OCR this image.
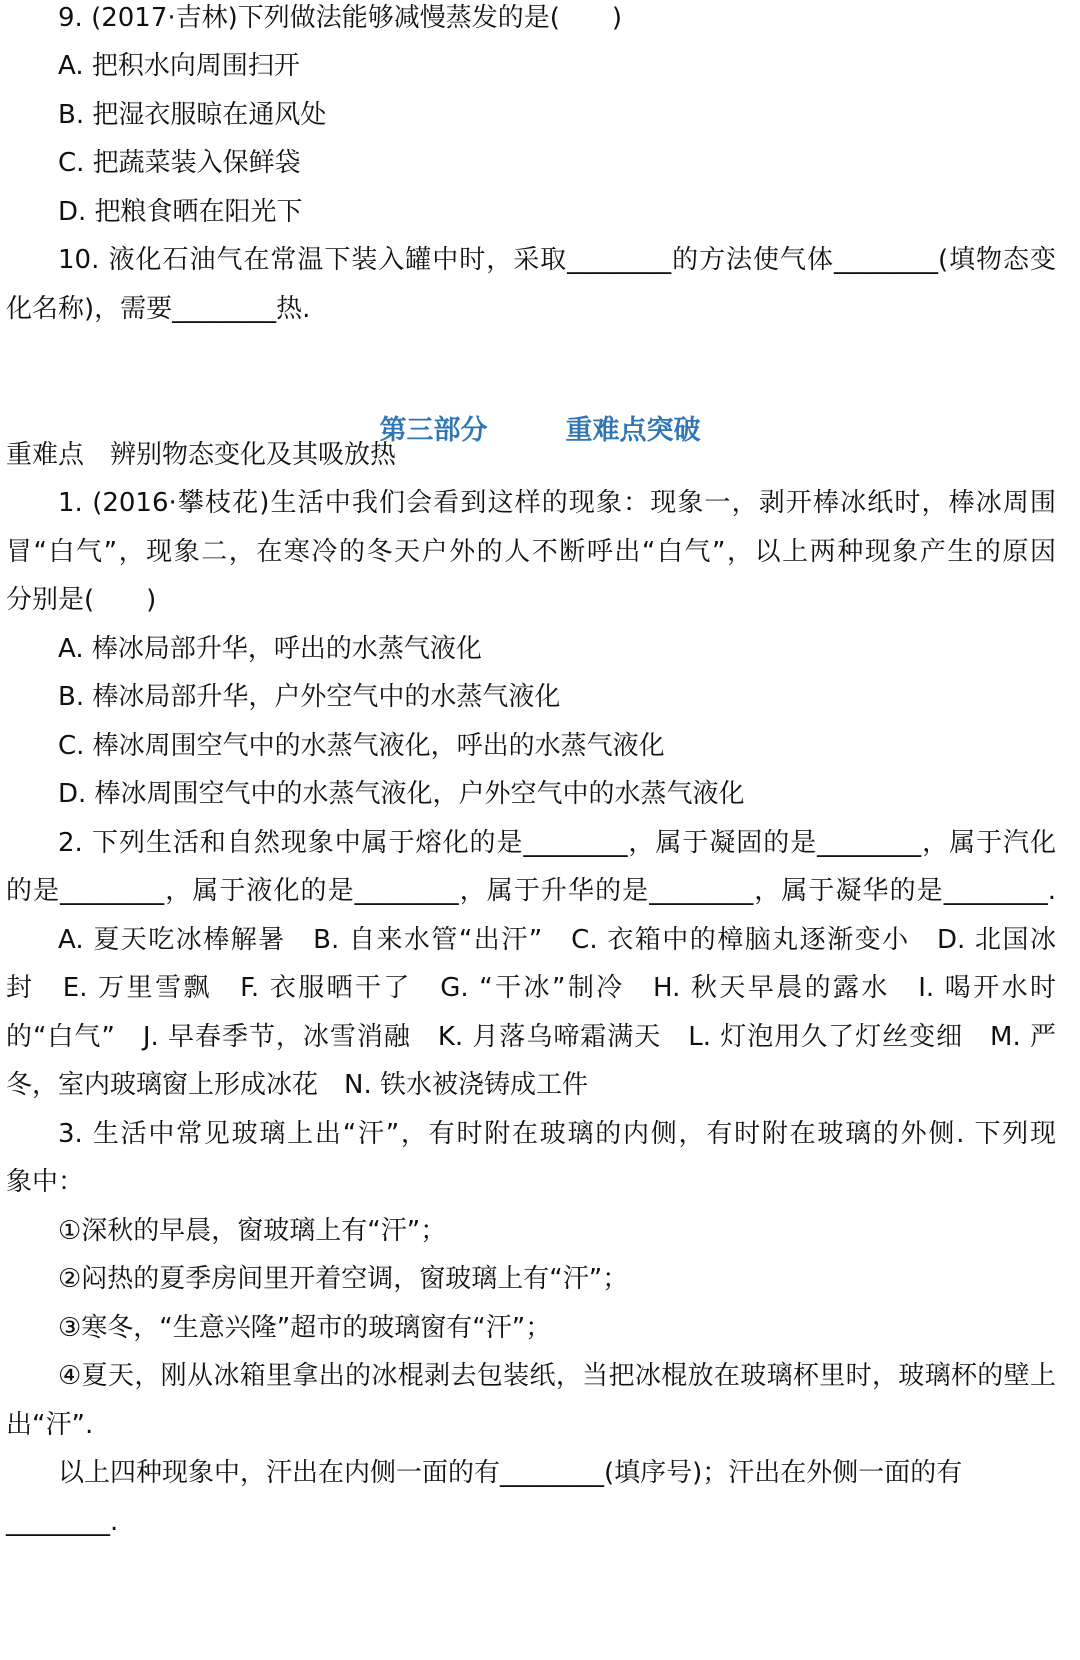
9. (2017·吉林)下列做法能够减慢蒸发的是(　　)
A. 把积水向周围扫开
B. 把湿衣服晾在通风处
C. 把蔬菜装入保鲜袋
D. 把粮食晒在阳光下
10. 液化石油气在常温下装入罐中时，采取________的方法使气体________(填物态变
化名称)，需要________热.
第三部分	重难点突破
重难点　辨别物态变化及其吸放热
1. (2016·攀枝花)生活中我们会看到这样的现象：现象一，剥开棒冰纸时，棒冰周围
冒“白气”，现象二，在寒冷的冬天户外的人不断呼出“白气”，以上两种现象产生的原因
分别是(　　)
A. 棒冰局部升华，呼出的水蒸气液化
B. 棒冰局部升华，户外空气中的水蒸气液化
C. 棒冰周围空气中的水蒸气液化，呼出的水蒸气液化
D. 棒冰周围空气中的水蒸气液化，户外空气中的水蒸气液化
2. 下列生活和自然现象中属于熔化的是________，属于凝固的是________，属于汽化
的是________，属于液化的是________，属于升华的是________，属于凝华的是________.
A. 夏天吃冰棒解暑　B. 自来水管“出汗”　C. 衣箱中的樟脑丸逐渐变小　D. 北国冰
封　E. 万里雪飘　F. 衣服晒干了　G. “干冰”制冷　H. 秋天早晨的露水　I. 喝开水时
的“白气”　J. 早春季节，冰雪消融　K. 月落乌啼霜满天　L. 灯泡用久了灯丝变细　M. 严
冬，室内玻璃窗上形成冰花　N. 铁水被浇铸成工件
3. 生活中常见玻璃上出“汗”，有时附在玻璃的内侧，有时附在玻璃的外侧. 下列现
象中：
①深秋的早晨，窗玻璃上有“汗”；
②闷热的夏季房间里开着空调，窗玻璃上有“汗”；
③寒冬，“生意兴隆”超市的玻璃窗有“汗”；
④夏天，刚从冰箱里拿出的冰棍剥去包装纸，当把冰棍放在玻璃杯里时，玻璃杯的壁上
出“汗”.
以上四种现象中，汗出在内侧一面的有________(填序号)；汗出在外侧一面的有
________.
